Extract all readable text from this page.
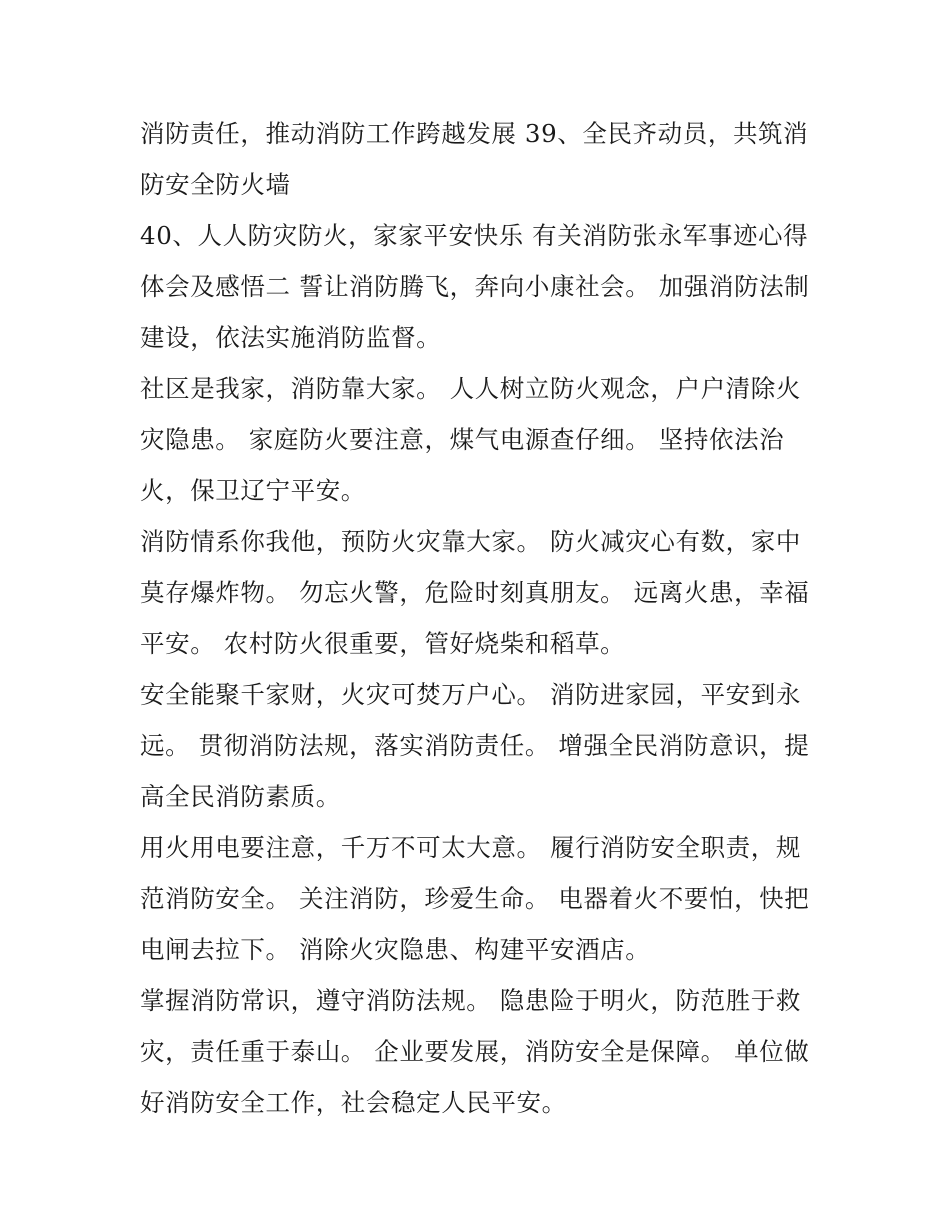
消防责任，推动消防工作跨越发展 39、全民齐动员，共筑消防安全防火墙

40、人人防灾防火，家家平安快乐 有关消防张永军事迹心得体会及感悟二 誓让消防腾飞，奔向小康社会。 加强消防法制建设，依法实施消防监督。

社区是我家，消防靠大家。 人人树立防火观念，户户清除火灾隐患。 家庭防火要注意，煤气电源查仔细。 坚持依法治火，保卫辽宁平安。

消防情系你我他，预防火灾靠大家。 防火减灾心有数，家中莫存爆炸物。 勿忘火警，危险时刻真朋友。 远离火患，幸福平安。 农村防火很重要，管好烧柴和稻草。

安全能聚千家财，火灾可焚万户心。 消防进家园，平安到永远。 贯彻消防法规，落实消防责任。 增强全民消防意识，提高全民消防素质。

用火用电要注意，千万不可太大意。 履行消防安全职责，规范消防安全。 关注消防，珍爱生命。 电器着火不要怕，快把电闸去拉下。 消除火灾隐患、构建平安酒店。

掌握消防常识，遵守消防法规。 隐患险于明火，防范胜于救灾，责任重于泰山。 企业要发展，消防安全是保障。 单位做好消防安全工作，社会稳定人民平安。
